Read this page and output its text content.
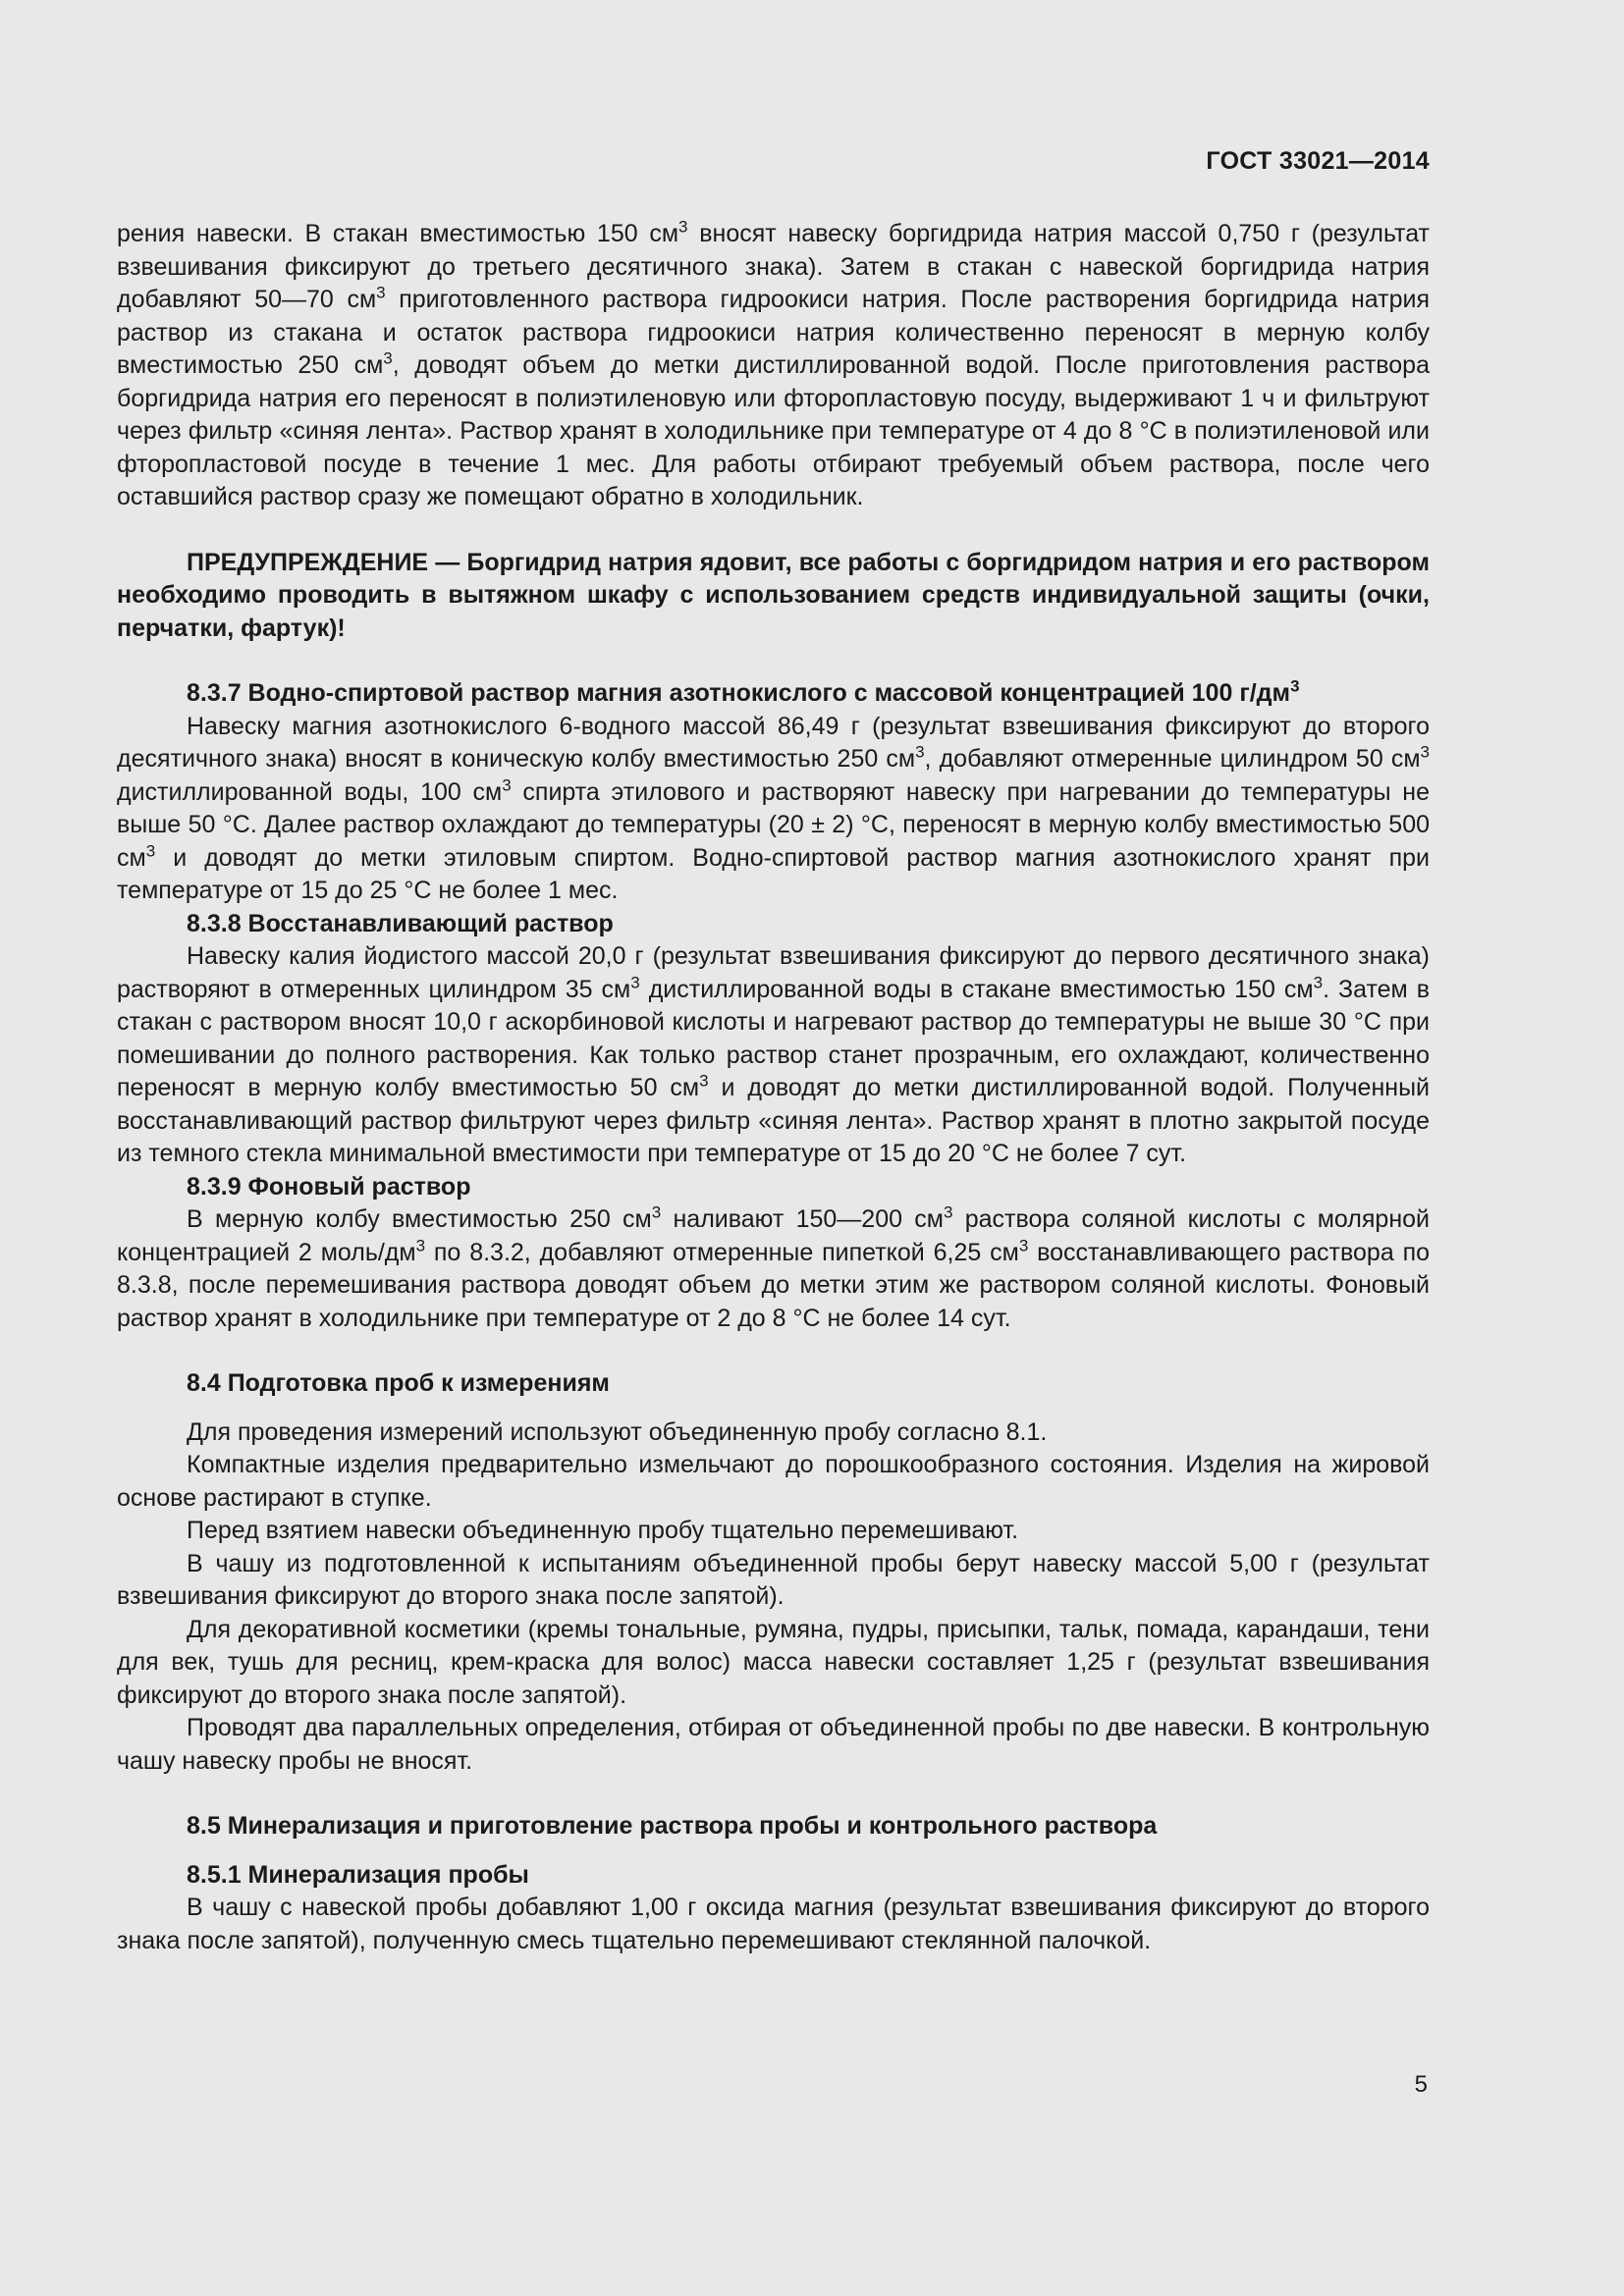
ГОСТ 33021—2014

рения навески. В стакан вместимостью 150 $см^3$ вносят навеску боргидрида натрия массой 0,750 г (результат взвешивания фиксируют до третьего десятичного знака). Затем в стакан с навеской боргидрида натрия добавляют 50—70 $см^3$ приготовленного раствора гидроокиси натрия. После растворения боргидрида натрия раствор из стакана и остаток раствора гидроокиси натрия количественно переносят в мерную колбу вместимостью 250 $см^3$, доводят объем до метки дистиллированной водой. После приготовления раствора боргидрида натрия его переносят в полиэтиленовую или фторопластовую посуду, выдерживают 1 ч и фильтруют через фильтр «синяя лента». Раствор хранят в холодильнике при температуре от 4 до 8 °С в полиэтиленовой или фторопластовой посуде в течение 1 мес. Для работы отбирают требуемый объем раствора, после чего оставшийся раствор сразу же помещают обратно в холодильник.

ПРЕДУПРЕЖДЕНИЕ — Боргидрид натрия ядовит, все работы с боргидридом натрия и его раствором необходимо проводить в вытяжном шкафу с использованием средств индивидуальной защиты (очки, перчатки, фартук)!

8.3.7 Водно-спиртовой раствор магния азотнокислого с массовой концентрацией 100 $г/дм^3$

Навеску магния азотнокислого 6-водного массой 86,49 г (результат взвешивания фиксируют до второго десятичного знака) вносят в коническую колбу вместимостью 250 $см^3$, добавляют отмеренные цилиндром 50 $см^3$ дистиллированной воды, 100 $см^3$ спирта этилового и растворяют навеску при нагревании до температуры не выше 50 °С. Далее раствор охлаждают до температуры (20 ± 2) °С, переносят в мерную колбу вместимостью 500 $см^3$ и доводят до метки этиловым спиртом. Водно-спиртовой раствор магния азотнокислого хранят при температуре от 15 до 25 °С не более 1 мес.

8.3.8 Восстанавливающий раствор

Навеску калия йодистого массой 20,0 г (результат взвешивания фиксируют до первого десятичного знака) растворяют в отмеренных цилиндром 35 $см^3$ дистиллированной воды в стакане вместимостью 150 $см^3$. Затем в стакан с раствором вносят 10,0 г аскорбиновой кислоты и нагревают раствор до температуры не выше 30 °С при помешивании до полного растворения. Как только раствор станет прозрачным, его охлаждают, количественно переносят в мерную колбу вместимостью 50 $см^3$ и доводят до метки дистиллированной водой. Полученный восстанавливающий раствор фильтруют через фильтр «синяя лента». Раствор хранят в плотно закрытой посуде из темного стекла минимальной вместимости при температуре от 15 до 20 °С не более 7 сут.

8.3.9 Фоновый раствор

В мерную колбу вместимостью 250 $см^3$ наливают 150—200 $см^3$ раствора соляной кислоты с молярной концентрацией 2 моль/$дм^3$ по 8.3.2, добавляют отмеренные пипеткой 6,25 $см^3$ восстанавливающего раствора по 8.3.8, после перемешивания раствора доводят объем до метки этим же раствором соляной кислоты. Фоновый раствор хранят в холодильнике при температуре от 2 до 8 °С не более 14 сут.

8.4 Подготовка проб к измерениям

Для проведения измерений используют объединенную пробу согласно 8.1.

Компактные изделия предварительно измельчают до порошкообразного состояния. Изделия на жировой основе растирают в ступке.

Перед взятием навески объединенную пробу тщательно перемешивают.

В чашу из подготовленной к испытаниям объединенной пробы берут навеску массой 5,00 г (результат взвешивания фиксируют до второго знака после запятой).

Для декоративной косметики (кремы тональные, румяна, пудры, присыпки, тальк, помада, карандаши, тени для век, тушь для ресниц, крем-краска для волос) масса навески составляет 1,25 г (результат взвешивания фиксируют до второго знака после запятой).

Проводят два параллельных определения, отбирая от объединенной пробы по две навески. В контрольную чашу навеску пробы не вносят.

8.5 Минерализация и приготовление раствора пробы и контрольного раствора

8.5.1 Минерализация пробы

В чашу с навеской пробы добавляют 1,00 г оксида магния (результат взвешивания фиксируют до второго знака после запятой), полученную смесь тщательно перемешивают стеклянной палочкой.

5
